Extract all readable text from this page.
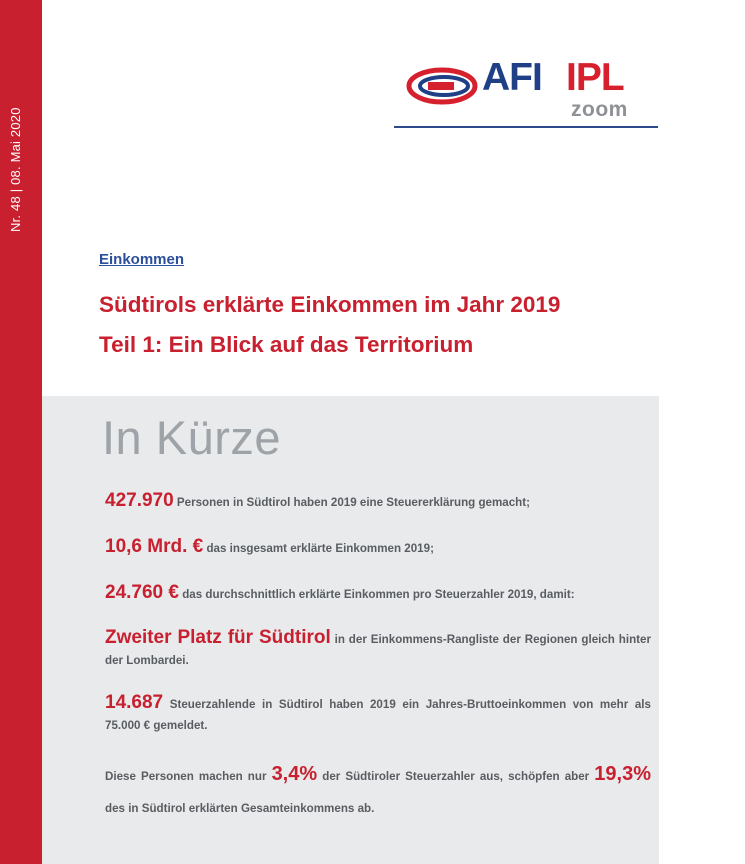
Nr. 48 | 08. Mai 2020
AFI IPL
zoom
Einkommen
Südtirols erklärte Einkommen im Jahr 2019
Teil 1: Ein Blick auf das Territorium
In Kürze
427.970 Personen in Südtirol haben 2019 eine Steuererklärung gemacht;
10,6 Mrd. € das insgesamt erklärte Einkommen 2019;
24.760 € das durchschnittlich erklärte Einkommen pro Steuerzahler 2019, damit:
Zweiter Platz für Südtirol in der Einkommens-Rangliste der Regionen gleich hinter der Lombardei.
14.687 Steuerzahlende in Südtirol haben 2019 ein Jahres-Bruttoeinkommen von mehr als 75.000 € gemeldet.
Diese Personen machen nur 3,4% der Südtiroler Steuerzahler aus, schöpfen aber 19,3% des in Südtirol erklärten Gesamteinkommens ab.
